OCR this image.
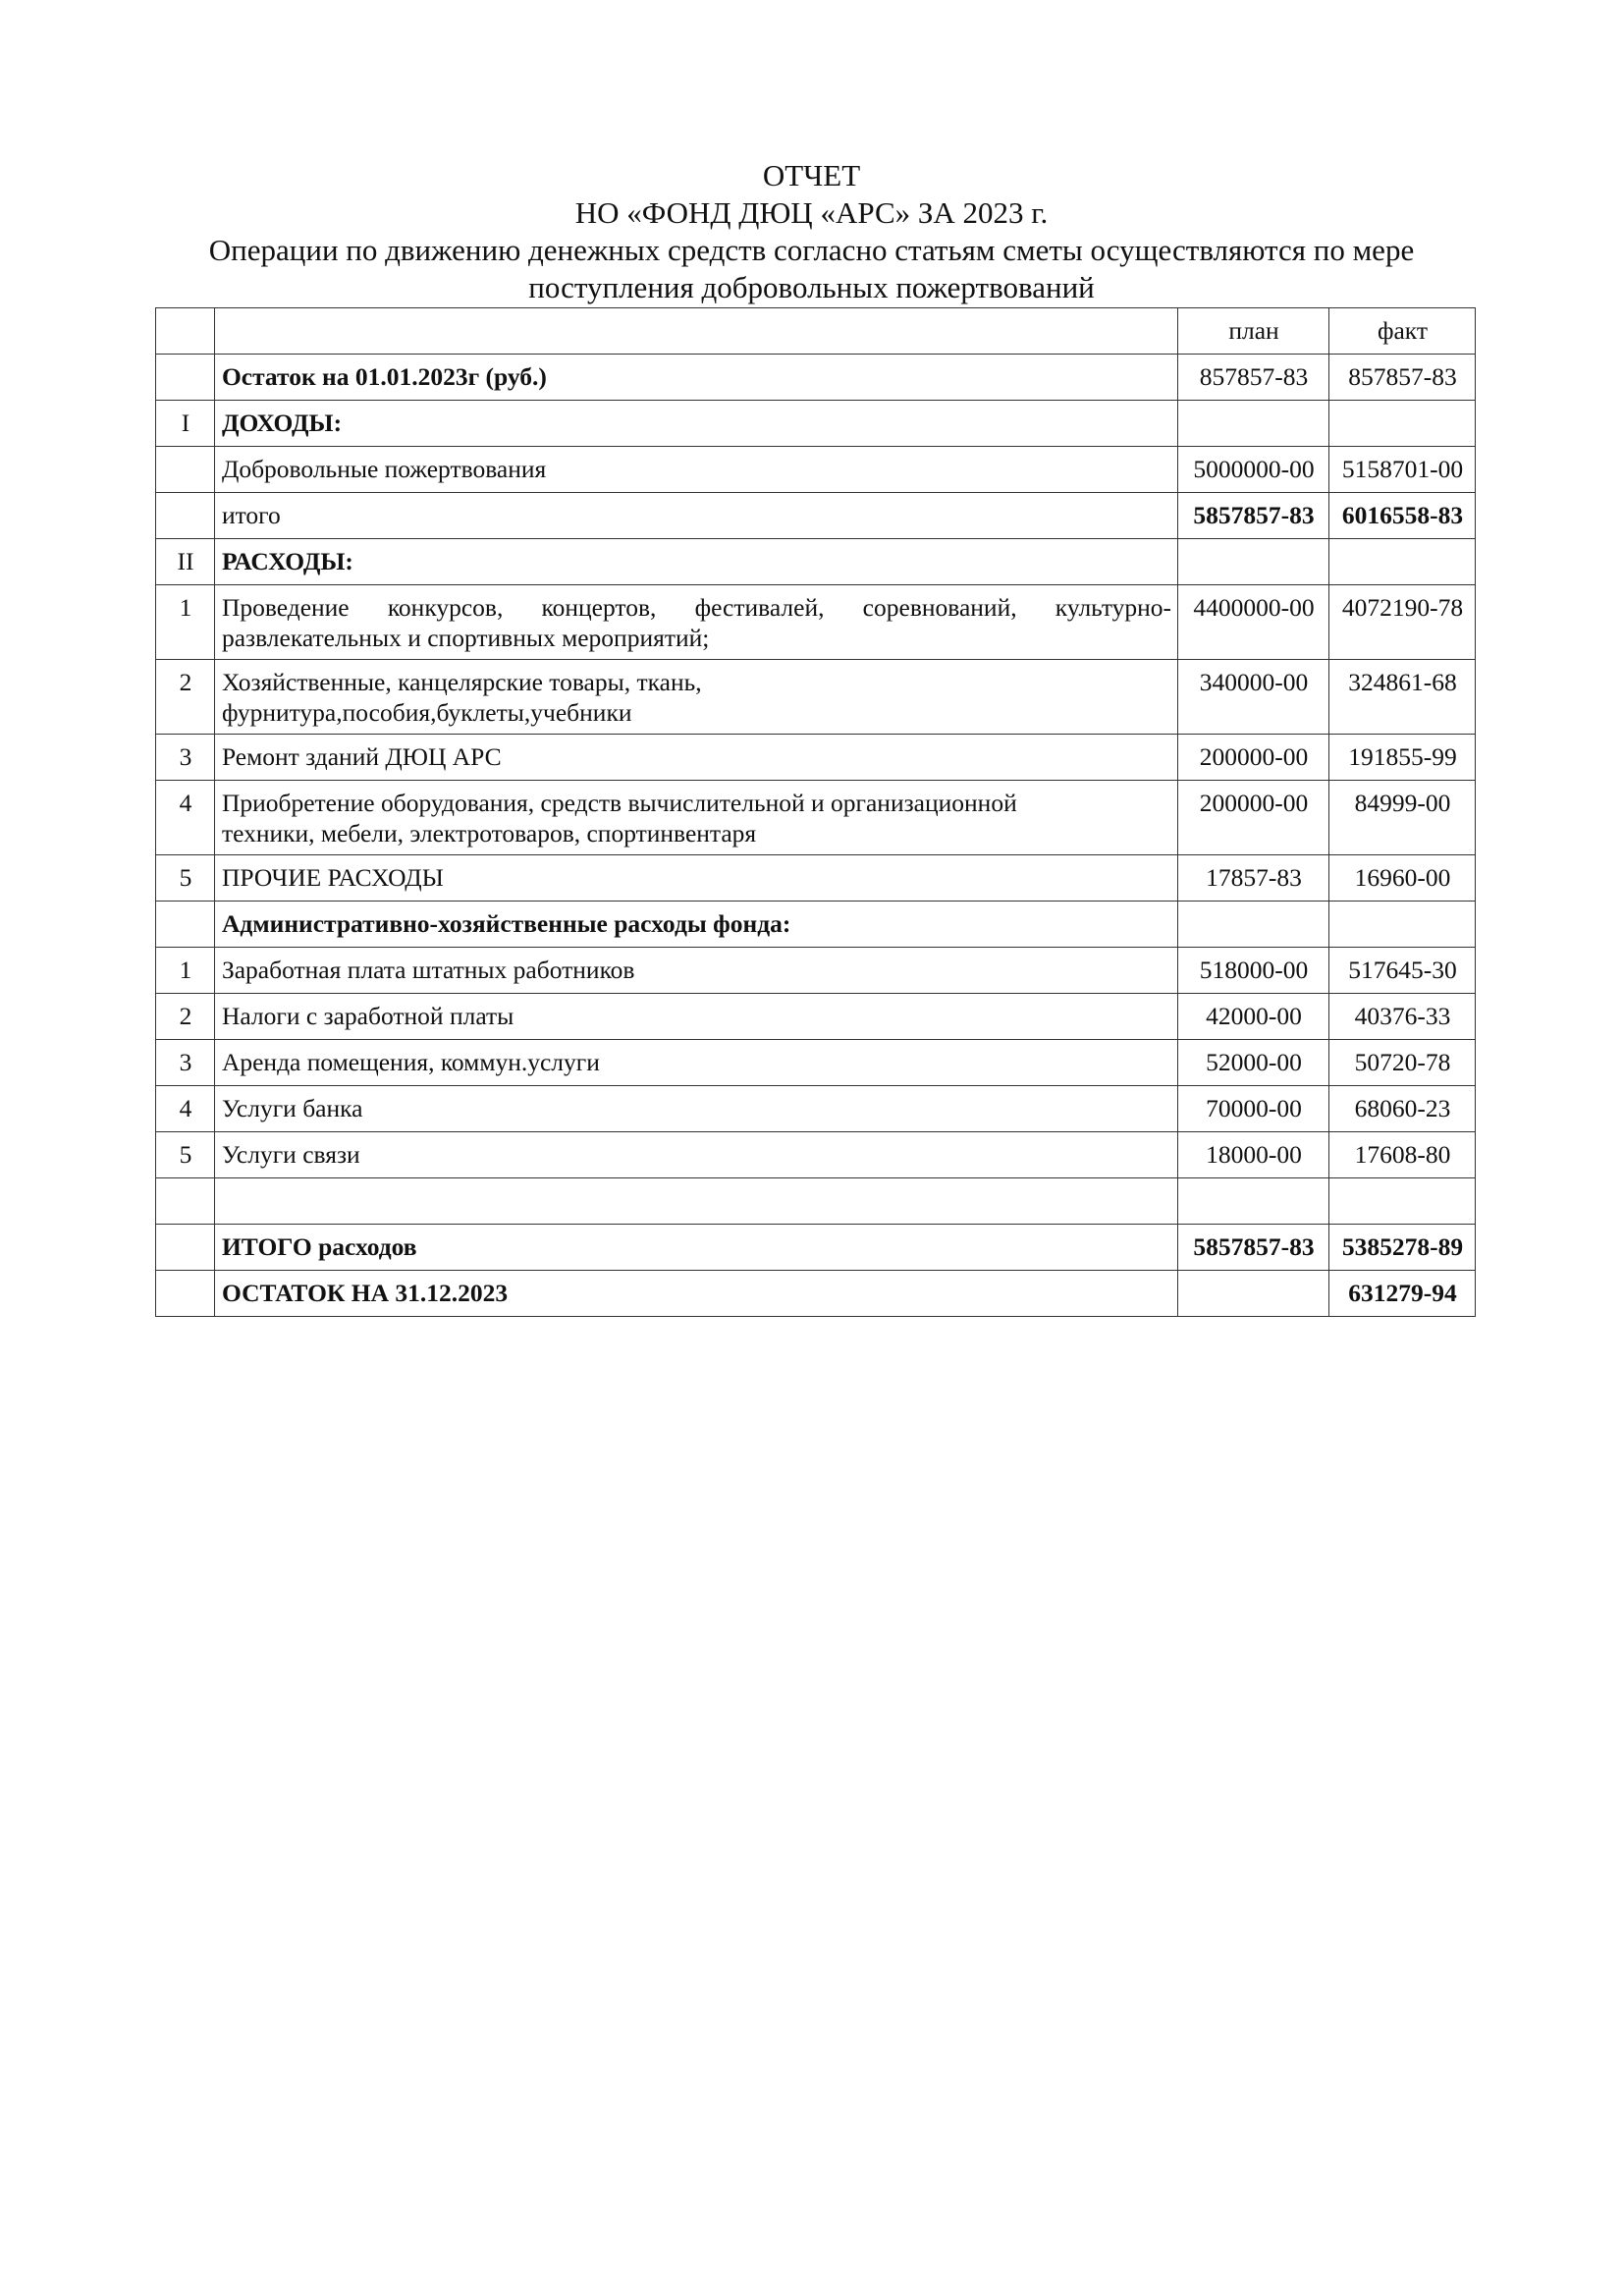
ОТЧЕТ
НО «ФОНД ДЮЦ «АРС» ЗА 2023 г.
Операции по движению денежных средств согласно статьям сметы осуществляются по мере
поступления добровольных пожертвований
		план	факт
	Остаток на 01.01.2023г (руб.)	857857-83	857857-83
I	ДОХОДЫ:		
	Добровольные пожертвования	5000000-00	5158701-00
	итого	5857857-83	6016558-83
II	РАСХОДЫ:		
1	Проведение конкурсов, концертов, фестивалей, соревнований, культурно-развлекательных и спортивных мероприятий;	4400000-00	4072190-78
2	Хозяйственные, канцелярские товары, ткань,
фурнитура,пособия,буклеты,учебники	340000-00	324861-68
3	Ремонт зданий ДЮЦ АРС	200000-00	191855-99
4	Приобретение оборудования, средств вычислительной и организационной
техники, мебели, электротоваров, спортинвентаря	200000-00	84999-00
5	ПРОЧИЕ РАСХОДЫ	17857-83	16960-00
	Административно-хозяйственные расходы фонда:		
1	Заработная плата штатных работников	518000-00	517645-30
2	Налоги с заработной платы	42000-00	40376-33
3	Аренда помещения, коммун.услуги	52000-00	50720-78
4	Услуги банка	70000-00	68060-23
5	Услуги связи	18000-00	17608-80

	ИТОГО расходов	5857857-83	5385278-89
	ОСТАТОК НА 31.12.2023		631279-94
